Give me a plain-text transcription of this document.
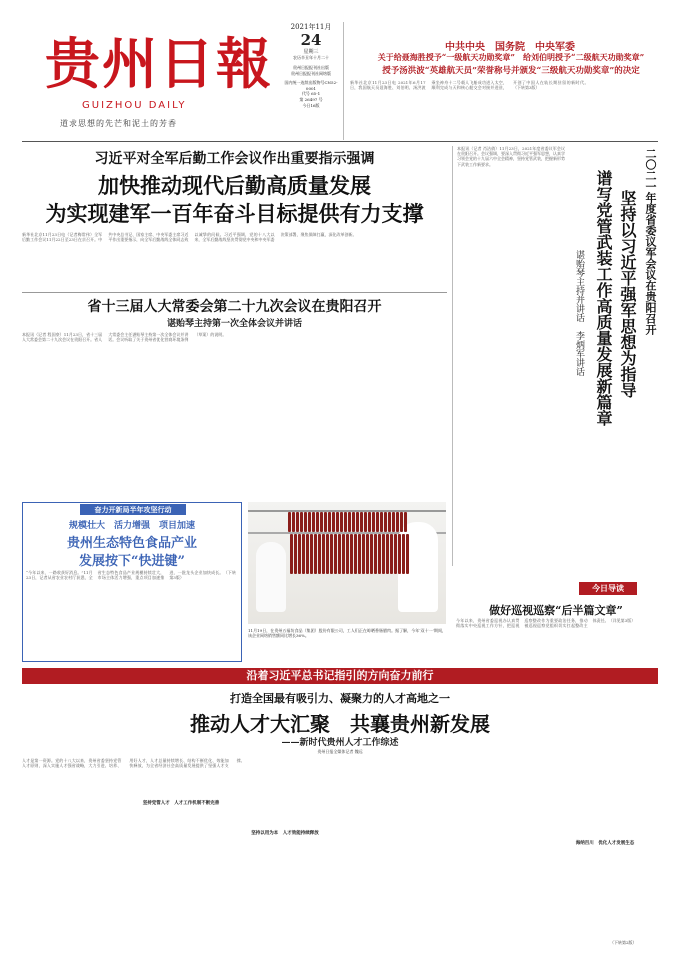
贵州日報
GUIZHOU DAILY
道求思想的先芒和泥土的芳香
2021年11月
24
星期三
农历辛丑年十月二十
贵州日报报刊社出版
贵州日报报刊社网络版
国内统一连续出版物号CN52-0001
代号 65-1
第 26497 号
今日16版
中共中央　国务院　中央军委
关于给聂海胜授予“一级航天功勋奖章”　给刘伯明授予“二级航天功勋奖章”
授予汤洪波“英雄航天员”荣誉称号并颁发“三级航天功勋奖章”的决定
新华社北京11月23日电 2021年6月17日，我国航天员聂海胜、刘伯明、汤洪波乘坐神舟十二号载人飞船成功进入太空，顺利完成与天和核心舱交会对接并进驻，开创了中国人在轨长期驻留的新时代。（下转第3版）
习近平对全军后勤工作会议作出重要指示强调
加快推动现代后勤高质量发展
为实现建军一百年奋斗目标提供有力支撑
新华社北京11月23日电（记者梅常伟）全军后勤工作会议11月22日至23日在京召开。中共中央总书记、国家主席、中央军委主席习近平作出重要指示，向全军后勤战线全体同志致以诚挚的问候。习近平强调，党的十八大以来，全军后勤战线坚决贯彻党中央和中央军委决策部署，聚焦保障打赢，深化改革创新。
省十三届人大常委会第二十九次会议在贵阳召开
谌贻琴主持第一次全体会议并讲话
本报讯（记者 程国豪）11月23日，省十三届人大常委会第二十九次会议在贵阳召开。省人大常委会主任谌贻琴主持第一次全体会议并讲话。会议听取了关于贵州省优化营商环境条例（草案）的说明。
本报讯（记者 肖洁倩）11月23日，2021年度省委议军会议在贵阳召开。会议强调，要深入贯彻习近平强军思想，认真学习领会党的十九届六中全会精神，坚持党管武装，把握新形势下武装工作新要求。	二〇二一年度省委议军会议在贵阳召开
坚持以习近平强军思想为指导
谱写党管武装工作高质量发展新篇章
谌贻琴主持并讲话　李炳军讲话
奋力开新局半年攻坚行动
规模壮大　活力增强　项目加速
贵州生态特色食品产业
发展按下“快进键”
“今年以来，一路收获好消息。”11月23日，记者从省农业农村厅获悉，全省生态特色食品产业规模持续壮大，市场主体活力增强，重点项目加速推进，一批龙头企业加快成长。（下转第3版）
11月19日，在贵州五福坊食品（集团）股份有限公司，工人们正在晾晒香肠腊肉。据了解，今年‘双十一’期间，该企业网络销售额同比增长36%。
今日导读
做好巡视巡察“后半篇文章”
今年以来，贵州省委巡视办认真贯彻落实中央巡视工作方针，把巡视巡察整改作为重要政治任务，推动被巡视巡察党组织切实扛起整改主体责任。（详见第3版）
沿着习近平总书记指引的方向奋力前行
打造全国最有吸引力、凝聚力的人才高地之一
推动人才大汇聚　共襄贵州新发展
——新时代贵州人才工作综述
贵州日报全媒体记者 魏远
人才是第一资源。党的十八大以来，贵州省委坚持党管人才原则，深入实施人才强省战略，大力引进、培养、用好人才，人才总量持续增长、结构不断优化、效能加快释放，为全省经济社会高质量发展提供了坚强人才支撑。
坚持党管人才　人才工作机制不断完善
坚持以用为本　人才效能持续释放
海纳百川　优化人才发展生态
（下转第2版）
